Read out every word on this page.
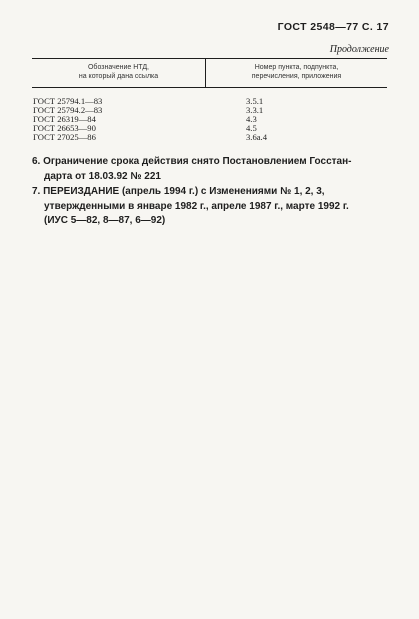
ГОСТ 2548—77 С. 17
Продолжение
Обозначение НТД,
на который дана ссылка
Номер пункта, подпункта,
перечисления, приложения
ГОСТ 25794.1—83	3.5.1
ГОСТ 25794.2—83	3.3.1
ГОСТ 26319—84	4.3
ГОСТ 26653—90	4.5
ГОСТ 27025—86	3.6а.4
6. Ограничение срока действия снято Постановлением Госстан-
дарта от 18.03.92 № 221
7. ПЕРЕИЗДАНИЕ (апрель 1994 г.) с Изменениями № 1, 2, 3,
утвержденными в январе 1982 г., апреле 1987 г., марте 1992 г.
(ИУС 5—82, 8—87, 6—92)
